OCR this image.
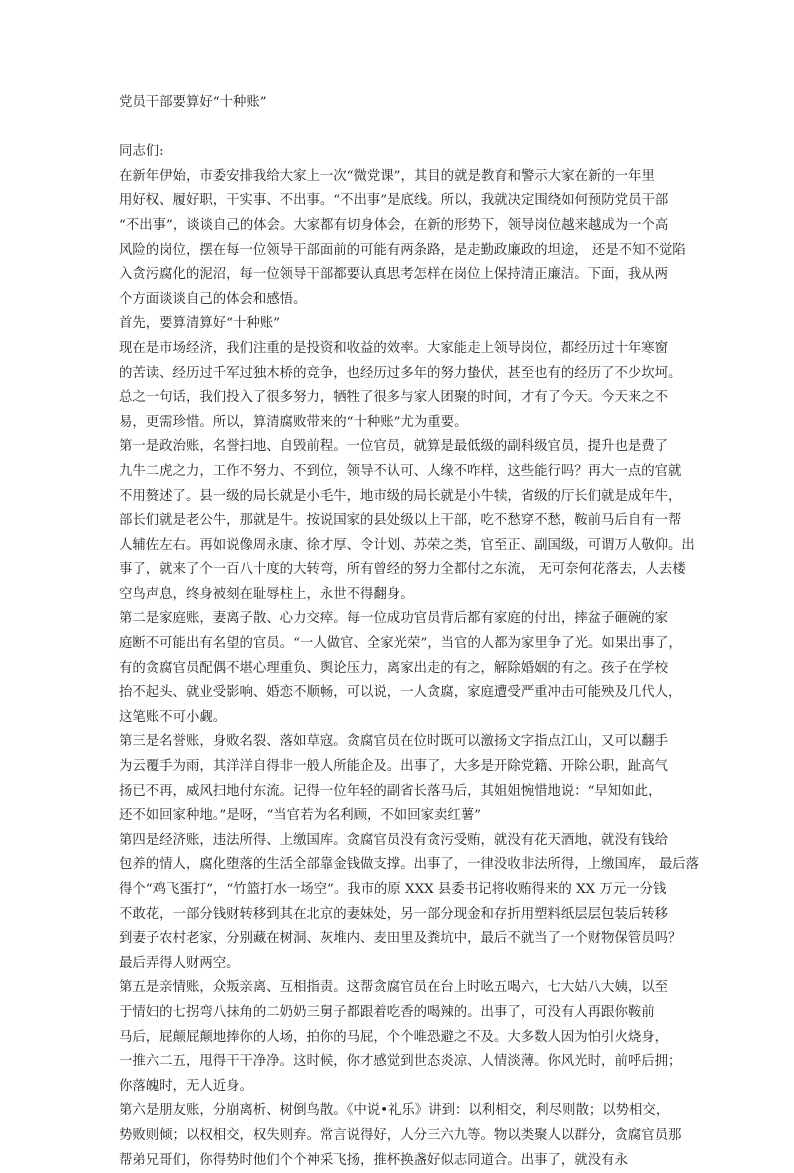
党员干部要算好“十种账”

同志们:

在新年伊始，市委安排我给大家上一次“微党课”，其目的就是教育和警示大家在新的一年里

用好权、履好职，干实事、不出事。“不出事”是底线。所以，我就决定围绕如何预防党员干部

“不出事”，谈谈自己的体会。大家都有切身体会，在新的形势下，领导岗位越来越成为一个高

风险的岗位，摆在每一位领导干部面前的可能有两条路，是走勤政廉政的坦途， 还是不知不觉陷

入贪污腐化的泥沼，每一位领导干部都要认真思考怎样在岗位上保持清正廉洁。下面，我从两

个方面谈谈自己的体会和感悟。

首先，要算清算好“十种账”

现在是市场经济，我们注重的是投资和收益的效率。大家能走上领导岗位，都经历过十年寒窗

的苦读、经历过千军过独木桥的竞争，也经历过多年的努力蛰伏，甚至也有的经历了不少坎坷。

总之一句话，我们投入了很多努力，牺牲了很多与家人团聚的时间，才有了今天。今天来之不

易，更需珍惜。所以，算清腐败带来的“十种账”尤为重要。

第一是政治账，名誉扫地、自毁前程。一位官员，就算是最低级的副科级官员，提升也是费了

九牛二虎之力，工作不努力、不到位，领导不认可、人缘不咋样，这些能行吗？再大一点的官就

不用赘述了。县一级的局长就是小毛牛，地市级的局长就是小牛犊，省级的厅长们就是成年牛，

部长们就是老公牛，那就是牛。按说国家的县处级以上干部，吃不愁穿不愁，鞍前马后自有一帮

人辅佐左右。再如说像周永康、徐才厚、令计划、苏荣之类，官至正、副国级，可谓万人敬仰。出

事了，就来了个一百八十度的大转弯，所有曾经的努力全都付之东流， 无可奈何花落去，人去楼

空鸟声息，终身被刻在耻辱柱上，永世不得翻身。

第二是家庭账，妻离子散、心力交瘁。每一位成功官员背后都有家庭的付出，摔盆子砸碗的家

庭断不可能出有名望的官员。“一人做官、全家光荣”，当官的人都为家里争了光。如果出事了，

有的贪腐官员配偶不堪心理重负、舆论压力，离家出走的有之，解除婚姻的有之。孩子在学校

抬不起头、就业受影响、婚恋不顺畅，可以说，一人贪腐，家庭遭受严重冲击可能殃及几代人，

这笔账不可小觑。

第三是名誉账，身败名裂、落如草寇。贪腐官员在位时既可以激扬文字指点江山，又可以翻手

为云覆手为雨，其洋洋自得非一般人所能企及。出事了，大多是开除党籍、开除公职，趾高气

扬已不再，威风扫地付东流。记得一位年轻的副省长落马后，其姐姐惋惜地说：“早知如此，

还不如回家种地。”是呀，“当官若为名利顾，不如回家卖红薯”

第四是经济账，违法所得、上缴国库。贪腐官员没有贪污受贿，就没有花天酒地，就没有钱给

包养的情人，腐化堕落的生活全部靠金钱做支撑。出事了，一律没收非法所得，上缴国库， 最后落

得个“鸡飞蛋打”，“竹篮打水一场空”。我市的原 XXX 县委书记将收贿得来的 XX 万元一分钱

不敢花，一部分钱财转移到其在北京的妻妹处，另一部分现金和存折用塑料纸层层包装后转移

到妻子农村老家，分别藏在树洞、灰堆内、麦田里及粪坑中，最后不就当了一个财物保管员吗？

最后弄得人财两空。

第五是亲情账，众叛亲离、互相指责。这帮贪腐官员在台上时吆五喝六，七大姑八大姨，以至

于情妇的七拐弯八抹角的二奶奶三舅子都跟着吃香的喝辣的。出事了，可没有人再跟你鞍前

马后，屁颠屁颠地捧你的人场，拍你的马屁，个个唯恐避之不及。大多数人因为怕引火烧身，

一推六二五，甩得干干净净。这时候，你才感觉到世态炎凉、人情淡薄。你风光时，前呼后拥；

你落魄时，无人近身。

第六是朋友账，分崩离析、树倒鸟散。《中说•礼乐》讲到：以利相交，利尽则散；以势相交，

势败则倾；以权相交，权失则弃。常言说得好，人分三六九等。物以类聚人以群分，贪腐官员那

帮弟兄哥们，你得势时他们个个神采飞扬，推杯换盏好似志同道合。出事了，就没有永
